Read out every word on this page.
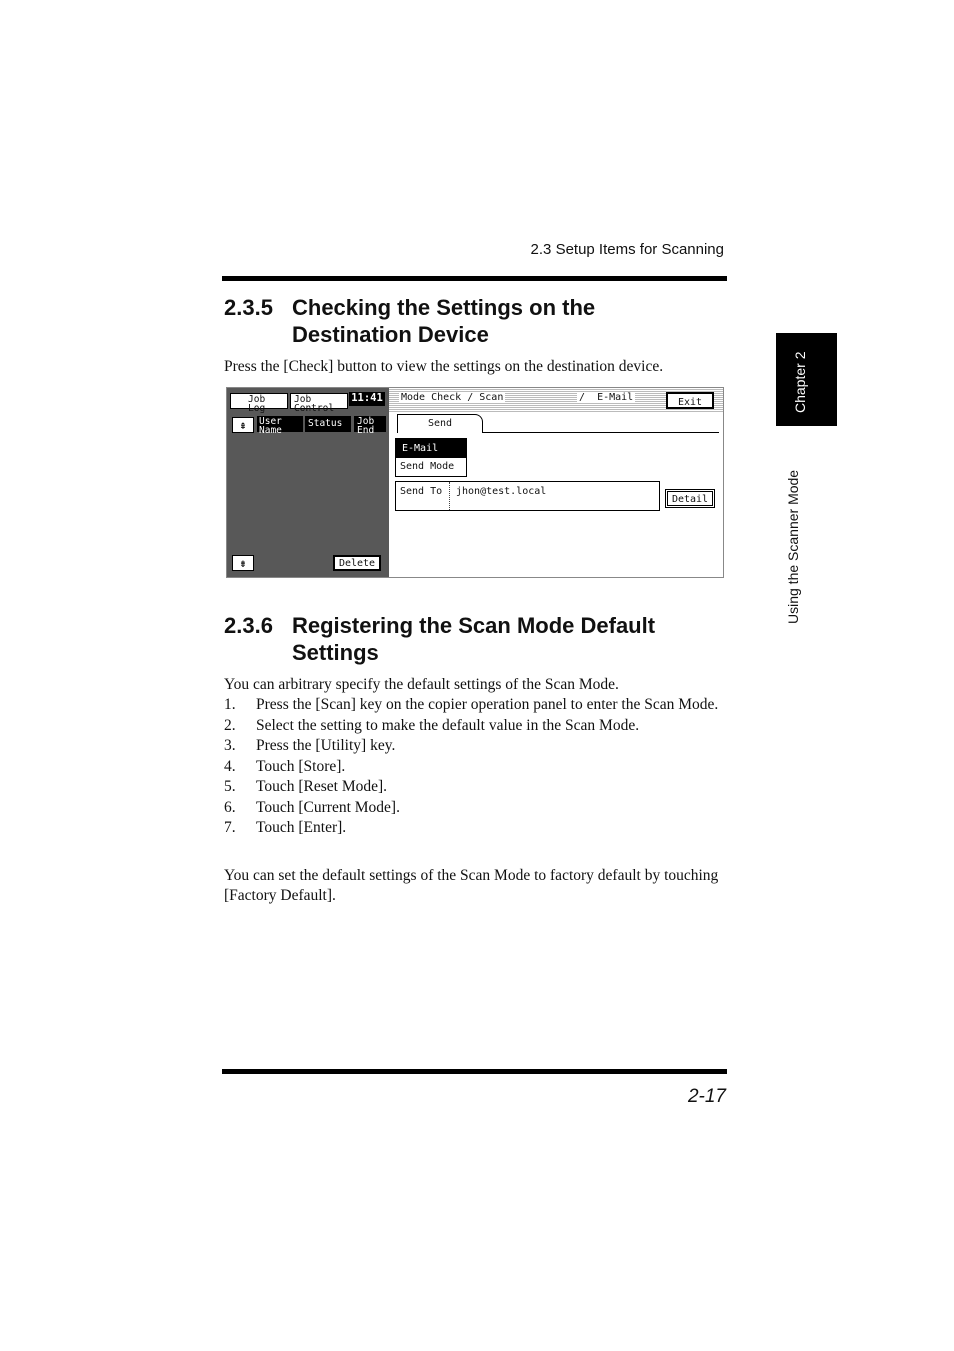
2.3 Setup Items for Scanning
2.3.5 Checking the Settings on the Destination Device
Press the [Check] button to view the settings on the destination device.
Job Log
Job Control
11:41
⇞	User Name
Status	Job End
⇟	Delete
Mode Check / Scan	/ E-Mail	Exit
Send
E-Mail
Send Mode
Send To jhon@test.local
Detail
2.3.6 Registering the Scan Mode Default Settings
You can arbitrary specify the default settings of the Scan Mode.
1. Press the [Scan] key on the copier operation panel to enter the Scan Mode.
2. Select the setting to make the default value in the Scan Mode.
3. Press the [Utility] key.
4. Touch [Store].
5. Touch [Reset Mode].
6. Touch [Current Mode].
7. Touch [Enter].
You can set the default settings of the Scan Mode to factory default by touching [Factory Default].
2-17
Chapter 2
Using the Scanner Mode
